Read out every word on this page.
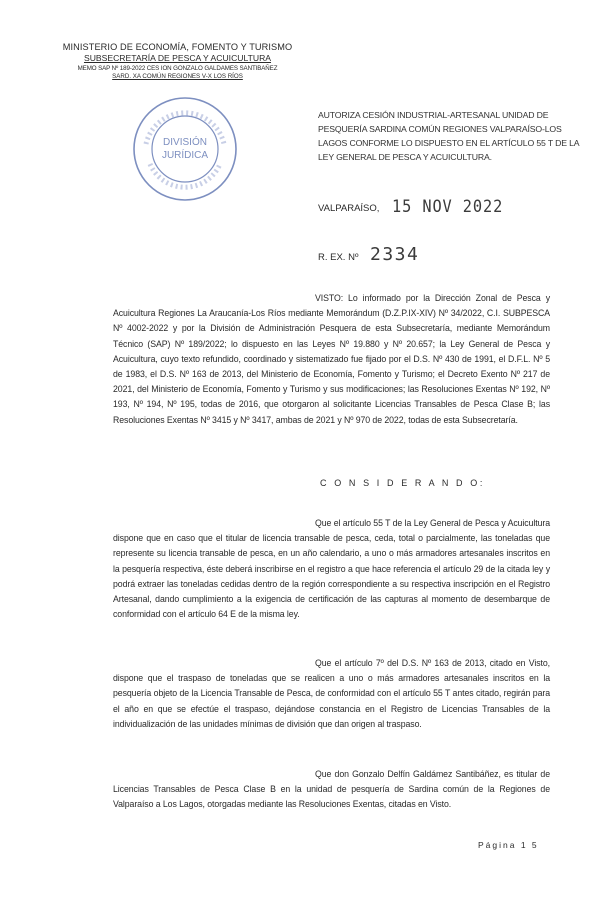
MINISTERIO DE ECONOMÍA, FOMENTO Y TURISMO
SUBSECRETARÍA DE PESCA Y ACUICULTURA
MEMO SAP Nº 189-2022 CES ION GONZALO GALDAMES SANTIBAÑEZ
SARD. XA COMÚN REGIONES V-X LOS RÍOS
DIVISIÓN
JURÍDICA
AUTORIZA CESIÓN INDUSTRIAL-ARTESANAL UNIDAD DE PESQUERÍA SARDINA COMÚN REGIONES VALPARAÍSO-LOS LAGOS CONFORME LO DISPUESTO EN EL ARTÍCULO 55 T DE LA LEY GENERAL DE PESCA Y ACUICULTURA.
VALPARAÍSO, 15 NOV 2022
R. EX. Nº 2334
VISTO: Lo informado por la Dirección Zonal de Pesca y Acuicultura Regiones La Araucanía-Los Ríos mediante Memorándum (D.Z.P.IX-XIV) Nº 34/2022, C.I. SUBPESCA Nº 4002-2022 y por la División de Administración Pesquera de esta Subsecretaría, mediante Memorándum Técnico (SAP) Nº 189/2022; lo dispuesto en las Leyes Nº 19.880 y Nº 20.657; la Ley General de Pesca y Acuicultura, cuyo texto refundido, coordinado y sistematizado fue fijado por el D.S. Nº 430 de 1991, el D.F.L. Nº 5 de 1983, el D.S. Nº 163 de 2013, del Ministerio de Economía, Fomento y Turismo; el Decreto Exento Nº 217 de 2021, del Ministerio de Economía, Fomento y Turismo y sus modificaciones; las Resoluciones Exentas Nº 192, Nº 193, Nº 194, Nº 195, todas de 2016, que otorgaron al solicitante Licencias Transables de Pesca Clase B; las Resoluciones Exentas Nº 3415 y Nº 3417, ambas de 2021 y Nº 970 de 2022, todas de esta Subsecretaría.
C O N S I D E R A N D O:
Que el artículo 55 T de la Ley General de Pesca y Acuicultura dispone que en caso que el titular de licencia transable de pesca, ceda, total o parcialmente, las toneladas que represente su licencia transable de pesca, en un año calendario, a uno o más armadores artesanales inscritos en la pesquería respectiva, éste deberá inscribirse en el registro a que hace referencia el artículo 29 de la citada ley y podrá extraer las toneladas cedidas dentro de la región correspondiente a su respectiva inscripción en el Registro Artesanal, dando cumplimiento a la exigencia de certificación de las capturas al momento de desembarque de conformidad con el artículo 64 E de la misma ley.
Que el artículo 7º del D.S. Nº 163 de 2013, citado en Visto, dispone que el traspaso de toneladas que se realicen a uno o más armadores artesanales inscritos en la pesquería objeto de la Licencia Transable de Pesca, de conformidad con el artículo 55 T antes citado, regirán para el año en que se efectúe el traspaso, dejándose constancia en el Registro de Licencias Transables de la individualización de las unidades mínimas de división que dan origen al traspaso.
Que don Gonzalo Delfín Galdámez Santibáñez, es titular de Licencias Transables de Pesca Clase B en la unidad de pesquería de Sardina común de la Regiones de Valparaíso a Los Lagos, otorgadas mediante las Resoluciones Exentas, citadas en Visto.
Página 1 5
